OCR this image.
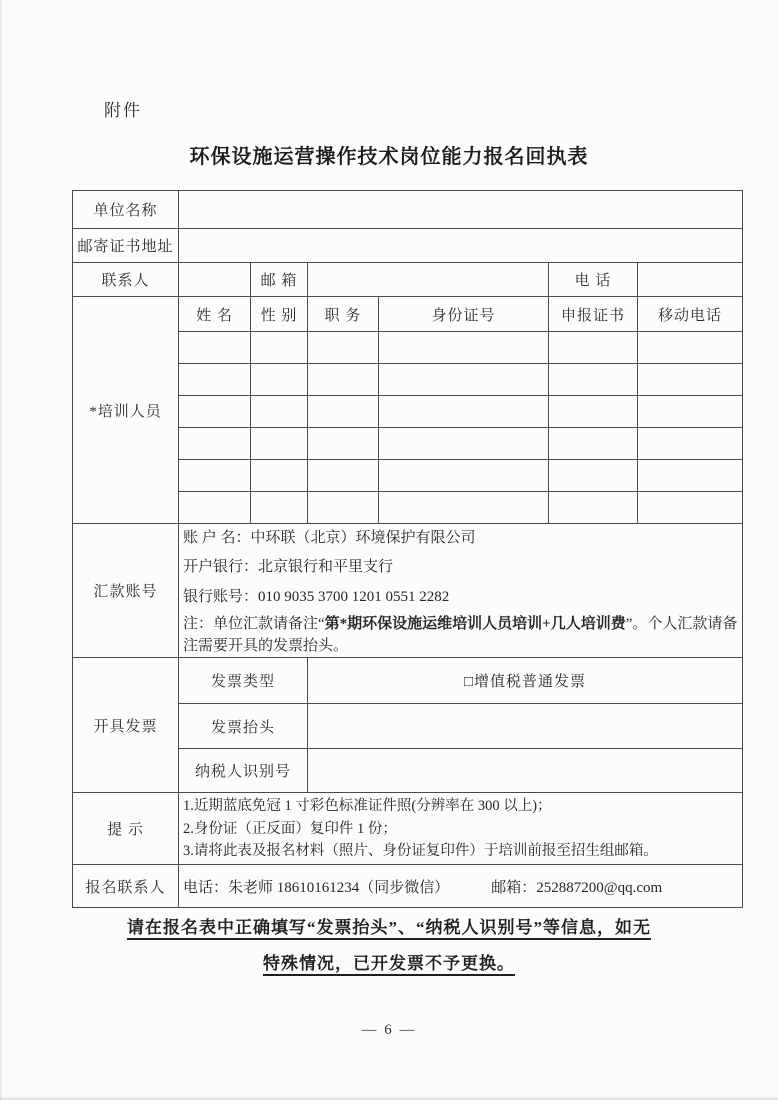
附件
环保设施运营操作技术岗位能力报名回执表
单位名称						
邮寄证书地址						
联系人		邮 箱			电 话	
*培训人员	姓 名	性 别	职 务	身份证号	申报证书	移动电话

汇款账号	账 户 名：中环联（北京）环境保护有限公司
开户银行：北京银行和平里支行
银行账号：010 9035 3700 1201 0551 2282
注：单位汇款请备注“第*期环保设施运维培训人员培训+几人培训费”。个人汇款请备注需要开具的发票抬头。					

开具发票	发票类型		□增值税普通发票			
	发票抬头					
	纳税人识别号					
提 示	1.近期蓝底免冠 1 寸彩色标准证件照(分辨率在 300 以上)；
2.身份证（正反面）复印件 1 份；
3.请将此表及报名材料（照片、身份证复印件）于培训前报至招生组邮箱。					

报名联系人	电话：朱老师 18610161234（同步微信） 邮箱：252887200@qq.com					
请在报名表中正确填写“发票抬头”、“纳税人识别号”等信息，如无
特殊情况，已开发票不予更换。
— 6 —
